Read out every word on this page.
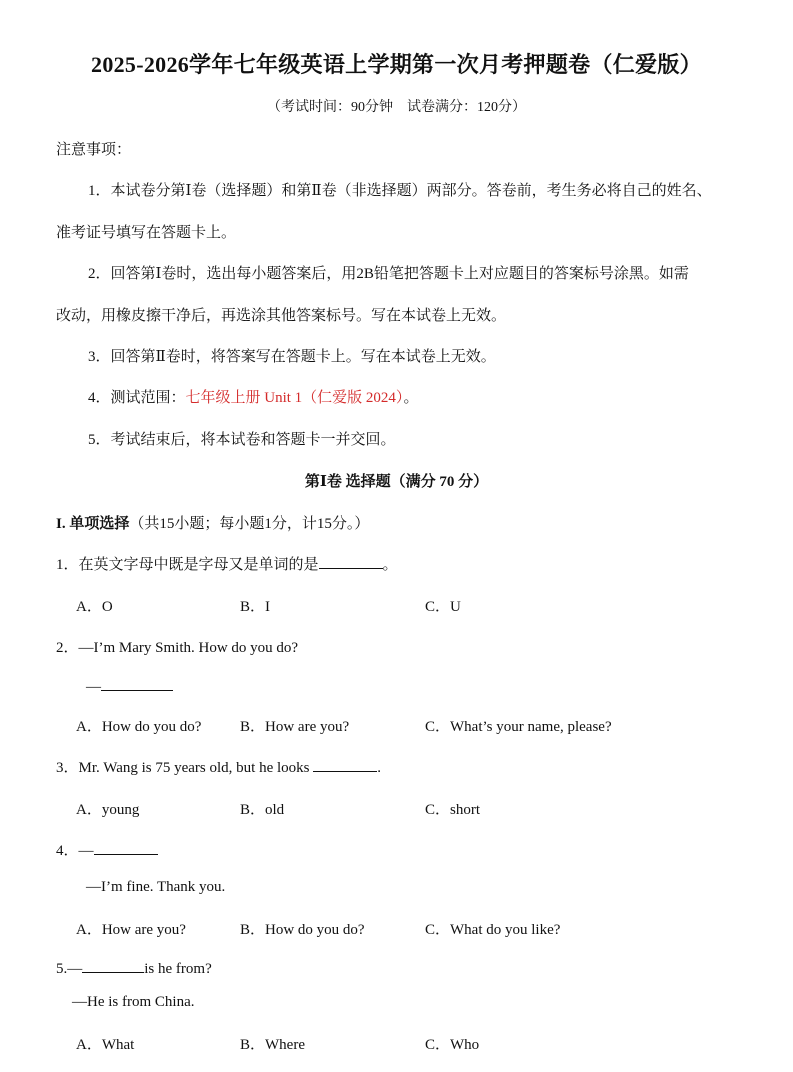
2025-2026学年七年级英语上学期第一次月考押题卷（仁爱版）
（考试时间：90分钟　试卷满分：120分）
注意事项：
1．本试卷分第Ⅰ卷（选择题）和第Ⅱ卷（非选择题）两部分。答卷前，考生务必将自己的姓名、
准考证号填写在答题卡上。
2．回答第Ⅰ卷时，选出每小题答案后，用2B铅笔把答题卡上对应题目的答案标号涂黑。如需
改动，用橡皮擦干净后，再选涂其他答案标号。写在本试卷上无效。
3．回答第Ⅱ卷时，将答案写在答题卡上。写在本试卷上无效。
4．测试范围：七年级上册 Unit 1（仁爱版 2024）。
5．考试结束后，将本试卷和答题卡一并交回。
第Ⅰ卷 选择题（满分 70 分）
I. 单项选择（共15小题；每小题1分，计15分。）
1．在英文字母中既是字母又是单词的是	。
A．O	B．I	C．U
2．—I’m Mary Smith. How do you do?
—
A．How do you do?	B．How are you?	C．What’s your name, please?
3．Mr. Wang is 75 years old, but he looks	.
A．young	B．old	C．short
4．—
—I’m fine. Thank you.
A．How are you?	B．How do you do?	C．What do you like?
5.—	is he from?
—He is from China.
A．What	B．Where	C．Who
